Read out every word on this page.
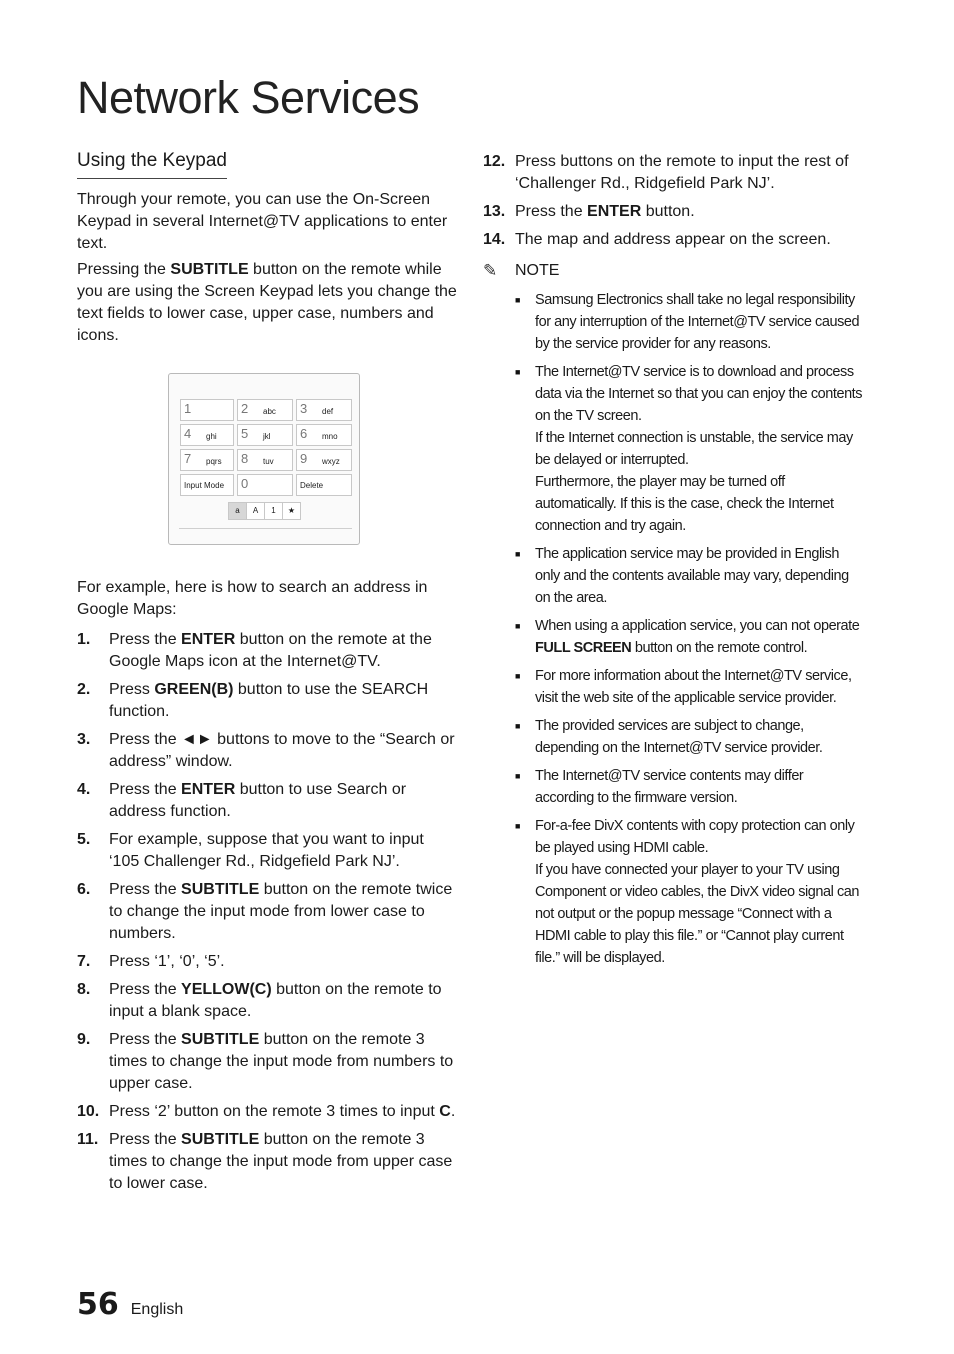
Network Services
Using the Keypad

Through your remote, you can use the On-Screen Keypad in several Internet@TV applications to enter text.

Pressing the SUBTITLE button on the remote while you are using the Screen Keypad lets you change the text fields to lower case, upper case, numbers and icons.

1	2 abc 3 def
4 ghi 5 jkl 6 mno
7 pqrs 8 tuv 9 wxyz
Input Mode 0	Delete
a	A	1	★

For example, here is how to search an address in Google Maps:

1. Press the ENTER button on the remote at the Google Maps icon at the Internet@TV.
2. Press GREEN(B) button to use the SEARCH function.
3. Press the ◄► buttons to move to the “Search or address” window.
4. Press the ENTER button to use Search or address function.
5. For example, suppose that you want to input ‘105 Challenger Rd., Ridgefield Park NJ’.
6. Press the SUBTITLE button on the remote twice to change the input mode from lower case to numbers.
7. Press ‘1’, ‘0’, ‘5’.
8. Press the YELLOW(C) button on the remote to input a blank space.
9. Press the SUBTITLE button on the remote 3 times to change the input mode from numbers to upper case.
10. Press ‘2’ button on the remote 3 times to input C.
11. Press the SUBTITLE button on the remote 3 times to change the input mode from upper case to lower case.
12. Press buttons on the remote to input the rest of ‘Challenger Rd., Ridgefield Park NJ’.
13. Press the ENTER button.
14. The map and address appear on the screen.
✎	NOTE
■ Samsung Electronics shall take no legal responsibility for any interruption of the Internet@TV service caused by the service provider for any reasons.
■ The Internet@TV service is to download and process data via the Internet so that you can enjoy the contents on the TV screen.
If the Internet connection is unstable, the service may be delayed or interrupted.
Furthermore, the player may be turned off automatically. If this is the case, check the Internet connection and try again.
■ The application service may be provided in English only and the contents available may vary, depending on the area.
■ When using a application service, you can not operate FULL SCREEN button on the remote control.
■ For more information about the Internet@TV service, visit the web site of the applicable service provider.
■ The provided services are subject to change, depending on the Internet@TV service provider.
■ The Internet@TV service contents may differ according to the firmware version.
■ For-a-fee DivX contents with copy protection can only be played using HDMI cable.
If you have connected your player to your TV using Component or video cables, the DivX video signal can not output or the popup message “Connect with a HDMI cable to play this file.” or “Cannot play current file.” will be displayed.
56 English
